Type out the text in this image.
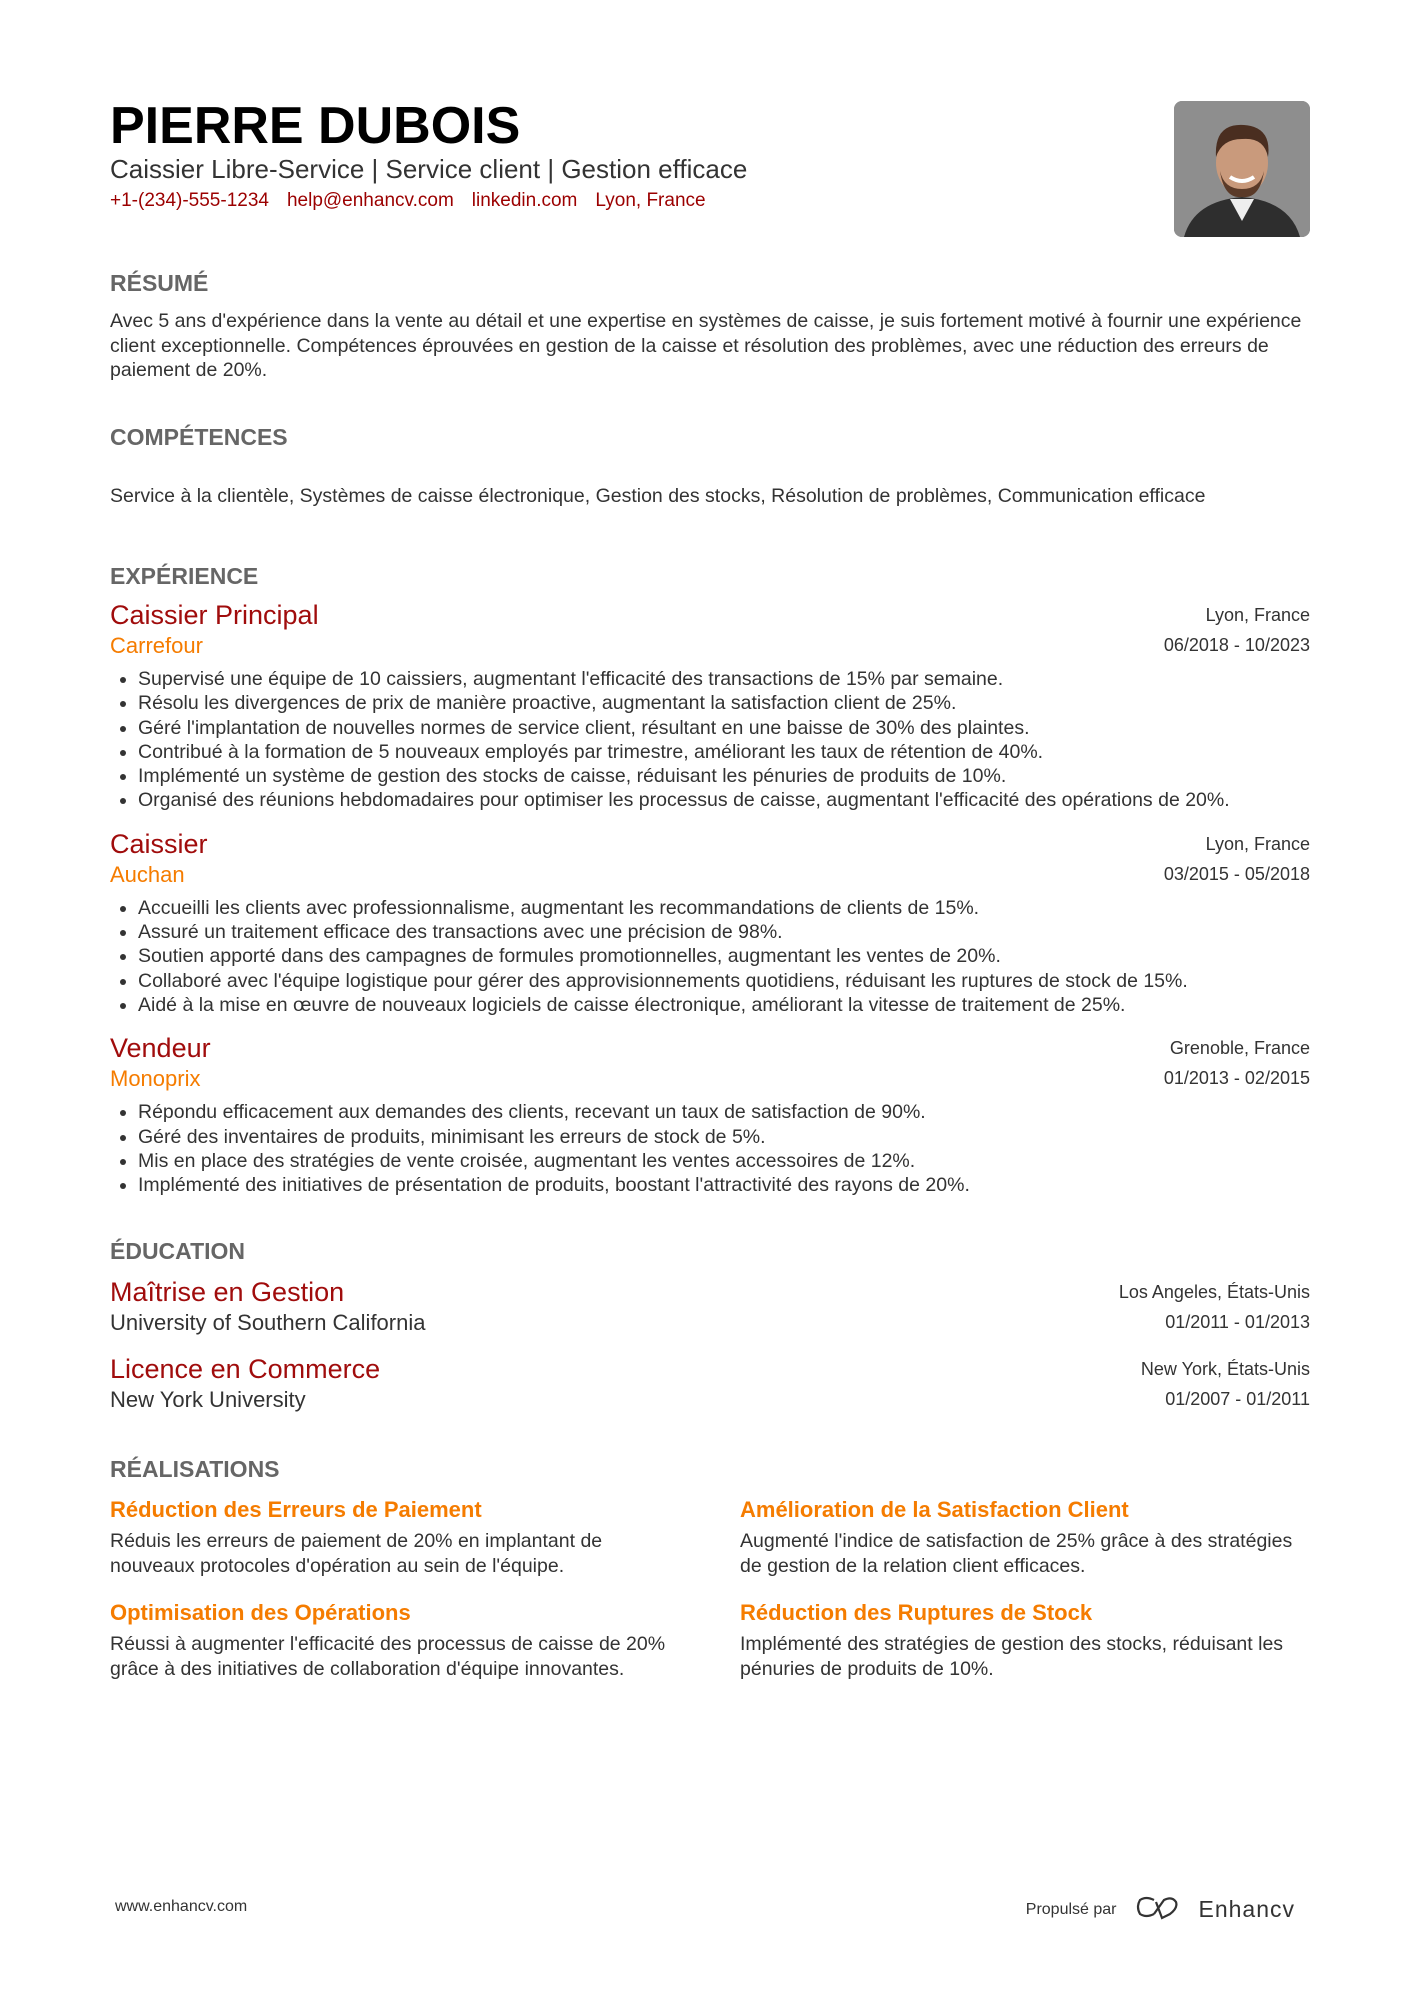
PIERRE DUBOIS
Caissier Libre-Service | Service client | Gestion efficace
+1-(234)-555-1234 help@enhancv.com linkedin.com Lyon, France
RÉSUMÉ
Avec 5 ans d'expérience dans la vente au détail et une expertise en systèmes de caisse, je suis fortement motivé à fournir une expérience client exceptionnelle. Compétences éprouvées en gestion de la caisse et résolution des problèmes, avec une réduction des erreurs de paiement de 20%.
COMPÉTENCES
Service à la clientèle, Systèmes de caisse électronique, Gestion des stocks, Résolution de problèmes, Communication efficace
EXPÉRIENCE
Lyon, France
06/2018 - 10/2023
Caissier Principal
Carrefour
• Supervisé une équipe de 10 caissiers, augmentant l'efficacité des transactions de 15% par semaine.
• Résolu les divergences de prix de manière proactive, augmentant la satisfaction client de 25%.
• Géré l'implantation de nouvelles normes de service client, résultant en une baisse de 30% des plaintes.
• Contribué à la formation de 5 nouveaux employés par trimestre, améliorant les taux de rétention de 40%.
• Implémenté un système de gestion des stocks de caisse, réduisant les pénuries de produits de 10%.
• Organisé des réunions hebdomadaires pour optimiser les processus de caisse, augmentant l'efficacité des opérations de 20%.
Lyon, France
03/2015 - 05/2018
Caissier
Auchan
• Accueilli les clients avec professionnalisme, augmentant les recommandations de clients de 15%.
• Assuré un traitement efficace des transactions avec une précision de 98%.
• Soutien apporté dans des campagnes de formules promotionnelles, augmentant les ventes de 20%.
• Collaboré avec l'équipe logistique pour gérer des approvisionnements quotidiens, réduisant les ruptures de stock de 15%.
• Aidé à la mise en œuvre de nouveaux logiciels de caisse électronique, améliorant la vitesse de traitement de 25%.
Grenoble, France
01/2013 - 02/2015
Vendeur
Monoprix
• Répondu efficacement aux demandes des clients, recevant un taux de satisfaction de 90%.
• Géré des inventaires de produits, minimisant les erreurs de stock de 5%.
• Mis en place des stratégies de vente croisée, augmentant les ventes accessoires de 12%.
• Implémenté des initiatives de présentation de produits, boostant l'attractivité des rayons de 20%.
ÉDUCATION
Los Angeles, États-Unis
01/2011 - 01/2013
Maîtrise en Gestion
University of Southern California
New York, États-Unis
01/2007 - 01/2011
Licence en Commerce
New York University
RÉALISATIONS
Réduction des Erreurs de Paiement
Réduis les erreurs de paiement de 20% en implantant de nouveaux protocoles d'opération au sein de l'équipe.
Amélioration de la Satisfaction Client
Augmenté l'indice de satisfaction de 25% grâce à des stratégies de gestion de la relation client efficaces.
Optimisation des Opérations
Réussi à augmenter l'efficacité des processus de caisse de 20% grâce à des initiatives de collaboration d'équipe innovantes.
Réduction des Ruptures de Stock
Implémenté des stratégies de gestion des stocks, réduisant les pénuries de produits de 10%.
www.enhancv.com	Propulsé par	Enhancv
